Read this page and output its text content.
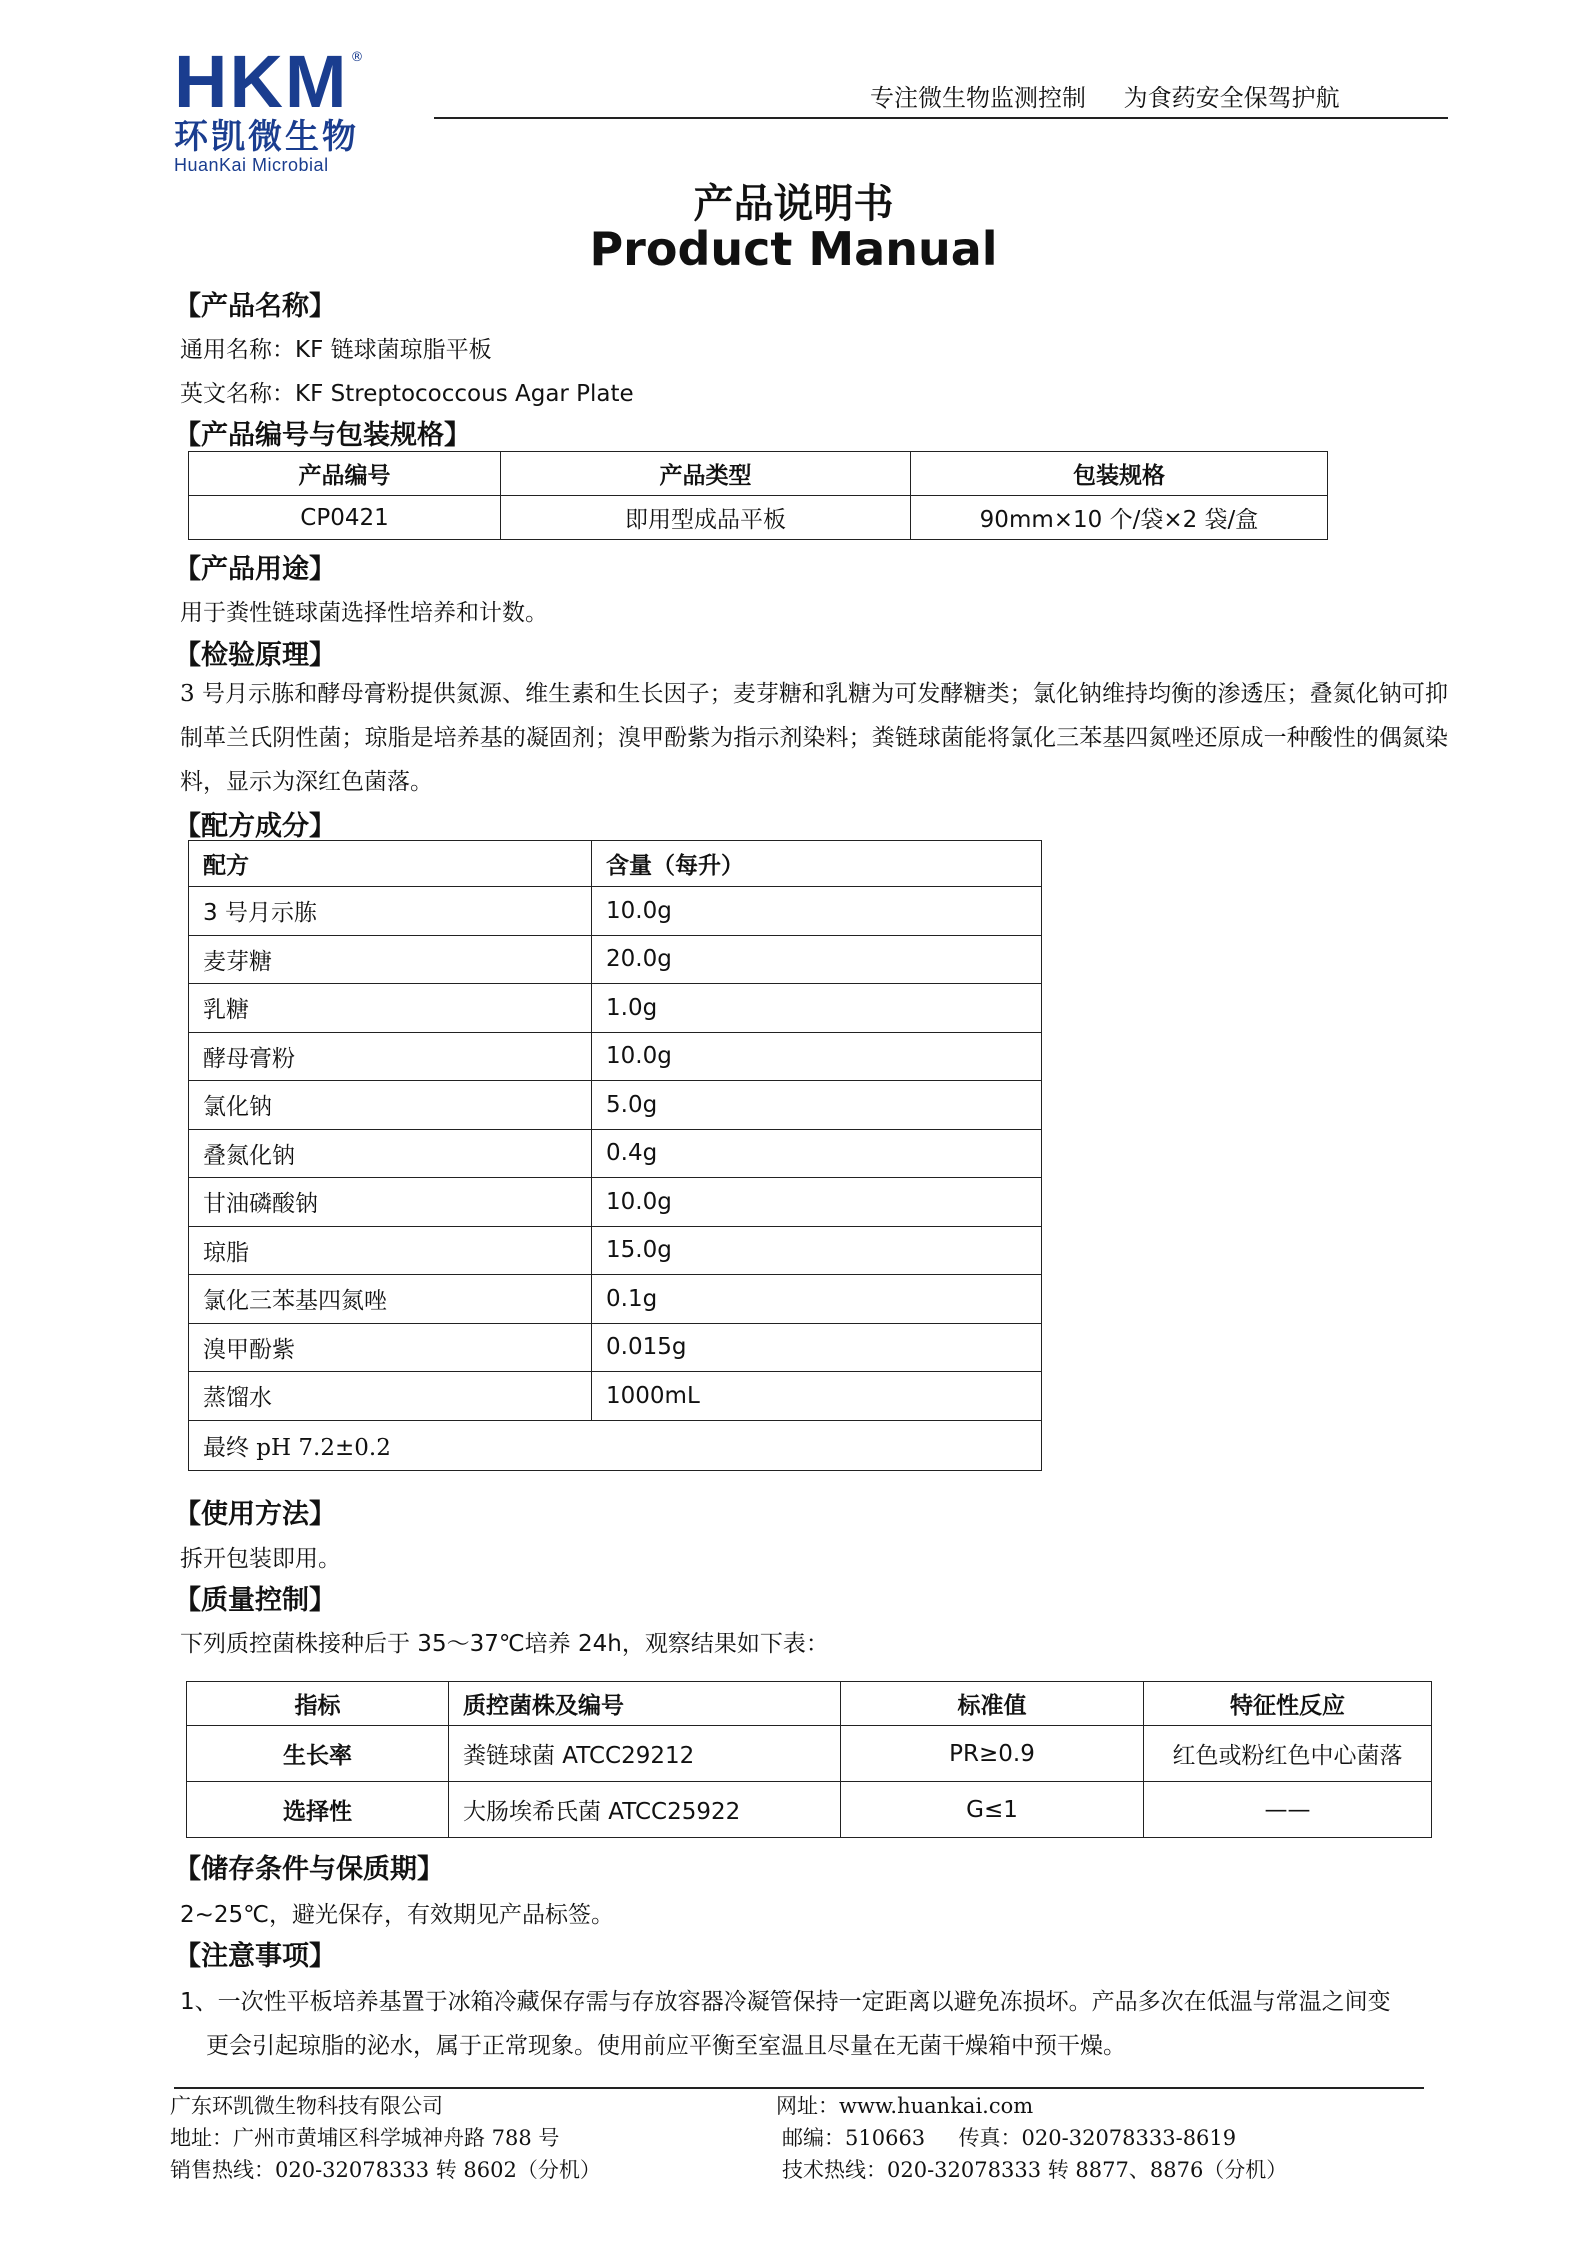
HKM ®
环凯微生物
HuanKai Microbial
专注微生物监测控制 为食药安全保驾护航
产品说明书
Product Manual
【产品名称】
通用名称：KF 链球菌琼脂平板
英文名称：KF Streptococcous Agar Plate
【产品编号与包装规格】
产品编号	产品类型	包装规格
CP0421	即用型成品平板	90mm×10 个/袋×2 袋/盒
【产品用途】
用于粪性链球菌选择性培养和计数。
【检验原理】
3 号月示胨和酵母膏粉提供氮源、维生素和生长因子；麦芽糖和乳糖为可发酵糖类；氯化钠维持均衡的渗透压；叠氮化钠可抑制革兰氏阴性菌；琼脂是培养基的凝固剂；溴甲酚紫为指示剂染料；粪链球菌能将氯化三苯基四氮唑还原成一种酸性的偶氮染料，显示为深红色菌落。
【配方成分】
配方	含量（每升）
3 号月示胨	10.0g
麦芽糖	20.0g
乳糖	1.0g
酵母膏粉	10.0g
氯化钠	5.0g
叠氮化钠	0.4g
甘油磷酸钠	10.0g
琼脂	15.0g
氯化三苯基四氮唑	0.1g
溴甲酚紫	0.015g
蒸馏水	1000mL
最终 pH 7.2±0.2	
【使用方法】
拆开包装即用。
【质量控制】
下列质控菌株接种后于 35～37℃培养 24h，观察结果如下表：
指标	质控菌株及编号	标准值	特征性反应
生长率	粪链球菌 ATCC29212	PR≥0.9	红色或粉红色中心菌落
选择性	大肠埃希氏菌 ATCC25922	G≤1	——
【储存条件与保质期】
2~25℃，避光保存，有效期见产品标签。
【注意事项】
1、一次性平板培养基置于冰箱冷藏保存需与存放容器冷凝管保持一定距离以避免冻损坏。产品多次在低温与常温之间变
更会引起琼脂的泌水，属于正常现象。使用前应平衡至室温且尽量在无菌干燥箱中预干燥。
广东环凯微生物科技有限公司
地址：广州市黄埔区科学城神舟路 788 号
销售热线：020-32078333 转 8602（分机）
网址：www.huankai.com
邮编：510663     传真：020-32078333-8619
技术热线：020-32078333 转 8877、8876（分机）
